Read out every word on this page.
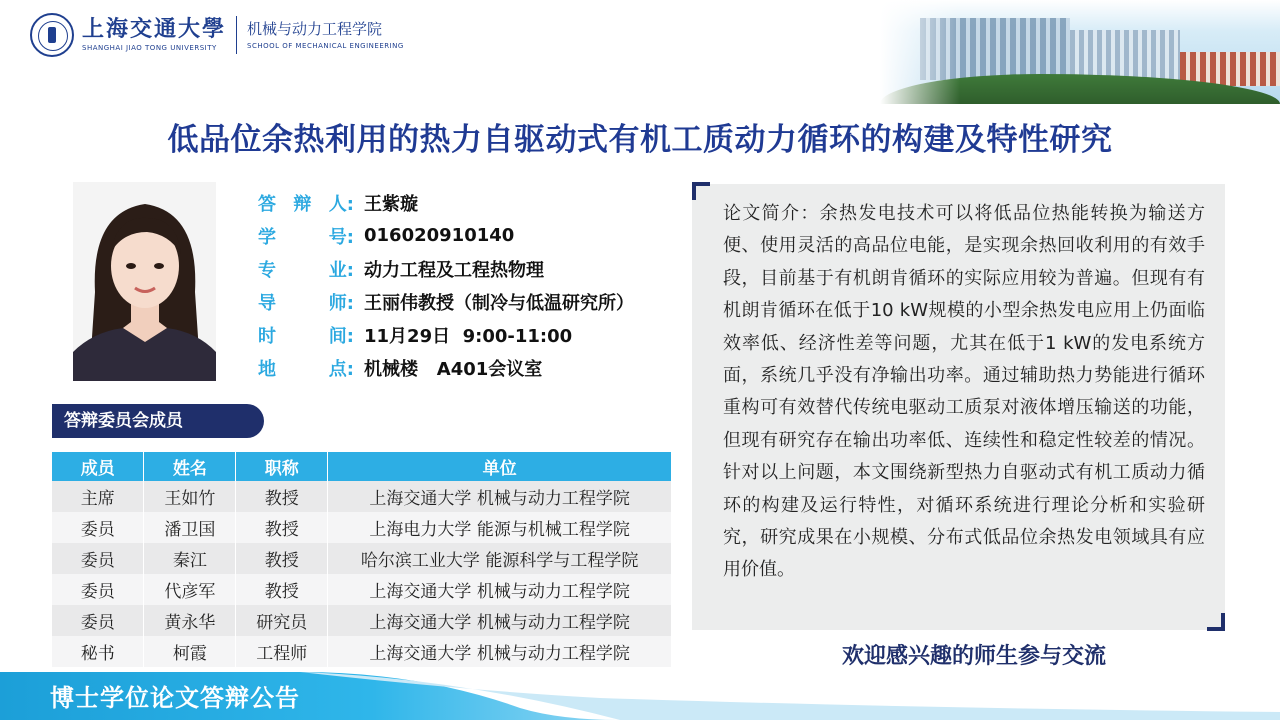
上海交通大學
SHANGHAI JIAO TONG UNIVERSITY
机械与动力工程学院
SCHOOL OF MECHANICAL ENGINEERING
低品位余热利用的热力自驱动式有机工质动力循环的构建及特性研究
答 辩 人: 王紫璇
学	号: 016020910140
专	业: 动力工程及工程热物理
导	师: 王丽伟教授（制冷与低温研究所）
时	间: 11月29日  9:00-11:00
地	点: 机械楼   A401会议室
答辩委员会成员
成员	姓名	职称	单位
主席	王如竹	教授	上海交通大学 机械与动力工程学院
委员	潘卫国	教授	上海电力大学 能源与机械工程学院
委员	秦江	教授	哈尔滨工业大学 能源科学与工程学院
委员	代彦军	教授	上海交通大学 机械与动力工程学院
委员	黄永华	研究员	上海交通大学 机械与动力工程学院
秘书	柯霞	工程师	上海交通大学 机械与动力工程学院
论文简介：余热发电技术可以将低品位热能转换为输送方便、使用灵活的高品位电能，是实现余热回收利用的有效手段，目前基于有机朗肯循环的实际应用较为普遍。但现有有机朗肯循环在低于10 kW规模的小型余热发电应用上仍面临效率低、经济性差等问题，尤其在低于1 kW的发电系统方面，系统几乎没有净输出功率。通过辅助热力势能进行循环重构可有效替代传统电驱动工质泵对液体增压输送的功能，但现有研究存在输出功率低、连续性和稳定性较差的情况。针对以上问题，本文围绕新型热力自驱动式有机工质动力循环的构建及运行特性，对循环系统进行理论分析和实验研究，研究成果在小规模、分布式低品位余热发电领域具有应用价值。
欢迎感兴趣的师生参与交流
博士学位论文答辩公告
